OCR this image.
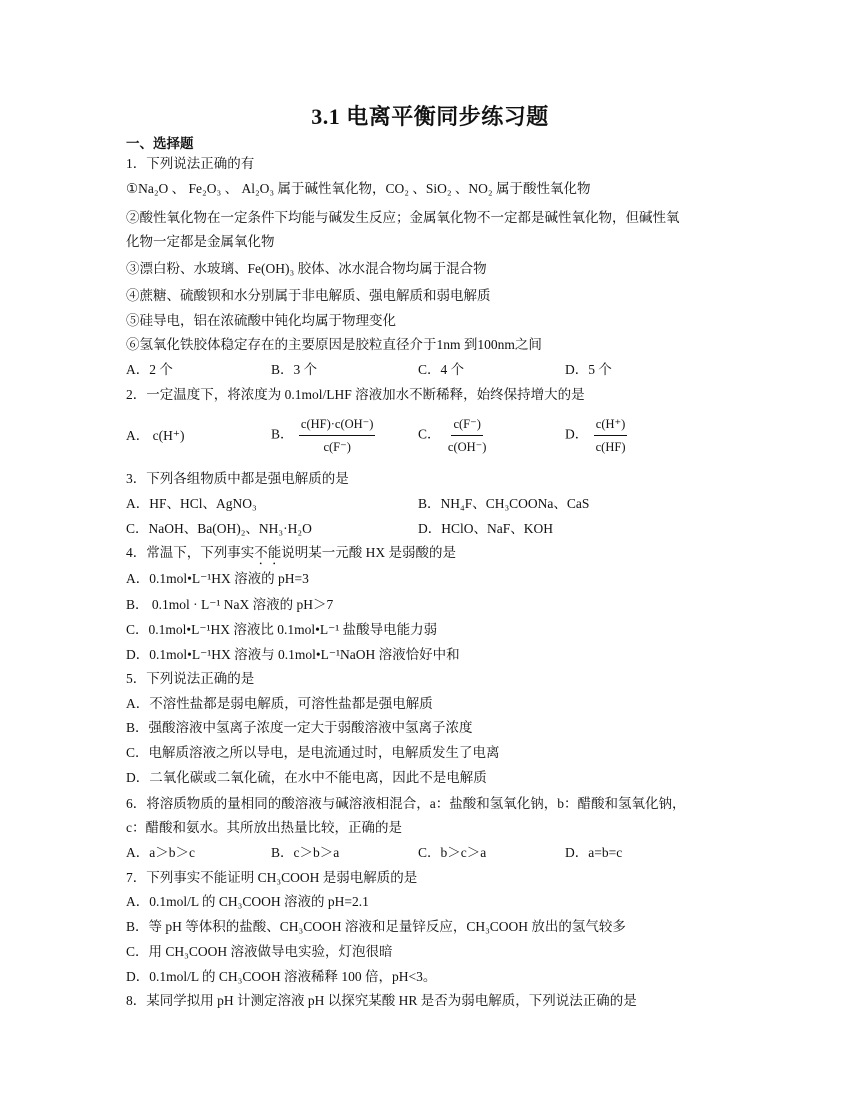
3.1 电离平衡同步练习题
一、选择题
1．下列说法正确的有
①Na₂O 、 Fe₂O₃ 、 Al₂O₃ 属于碱性氧化物，CO₂ 、SiO₂ 、NO₂ 属于酸性氧化物
②酸性氧化物在一定条件下均能与碱发生反应；金属氧化物不一定都是碱性氧化物，但碱性氧
化物一定都是金属氧化物
③漂白粉、水玻璃、Fe(OH)₃ 胶体、冰水混合物均属于混合物
④蔗糖、硫酸钡和水分别属于非电解质、强电解质和弱电解质
⑤硅导电，铝在浓硫酸中钝化均属于物理变化
⑥氢氧化铁胶体稳定存在的主要原因是胶粒直径介于1nm 到100nm之间
A．2 个	B．3 个	C．4 个	D．5 个
2．一定温度下，将浓度为 0.1mol/LHF 溶液加水不断稀释，始终保持增大的是
A． c(H⁺)	B． $\frac{c(HF)\cdot c(OH^-)}{c(F^-)}$	C． $\frac{c(F^-)}{c(OH^-)}$	D． $\frac{c(H^+)}{c(HF)}$
3．下列各组物质中都是强电解质的是
A．HF、HCl、AgNO₃	B．NH₄F、CH₃COONa、CaS
C．NaOH、Ba(OH)₂、NH₃·H₂O	D．HClO、NaF、KOH
4．常温下，下列事实不能说明某一元酸 HX 是弱酸的是
A．0.1mol•L⁻¹HX 溶液的 pH=3
B． 0.1mol · L⁻¹ NaX 溶液的 pH＞7
C．0.1mol•L⁻¹HX 溶液比 0.1mol•L⁻¹ 盐酸导电能力弱
D．0.1mol•L⁻¹HX 溶液与 0.1mol•L⁻¹NaOH 溶液恰好中和
5．下列说法正确的是
A．不溶性盐都是弱电解质，可溶性盐都是强电解质
B．强酸溶液中氢离子浓度一定大于弱酸溶液中氢离子浓度
C．电解质溶液之所以导电，是电流通过时，电解质发生了电离
D．二氧化碳或二氧化硫，在水中不能电离，因此不是电解质
6．将溶质物质的量相同的酸溶液与碱溶液相混合，a：盐酸和氢氧化钠，b：醋酸和氢氧化钠，
c：醋酸和氨水。其所放出热量比较，正确的是
A．a＞b＞c	B．c＞b＞a	C．b＞c＞a	D．a=b=c
7．下列事实不能证明 CH₃COOH 是弱电解质的是
A．0.1mol/L 的 CH₃COOH 溶液的 pH=2.1
B．等 pH 等体积的盐酸、CH₃COOH 溶液和足量锌反应，CH₃COOH 放出的氢气较多
C．用 CH₃COOH 溶液做导电实验，灯泡很暗
D．0.1mol/L 的 CH₃COOH 溶液稀释 100 倍，pH<3。
8．某同学拟用 pH 计测定溶液 pH 以探究某酸 HR 是否为弱电解质，下列说法正确的是
